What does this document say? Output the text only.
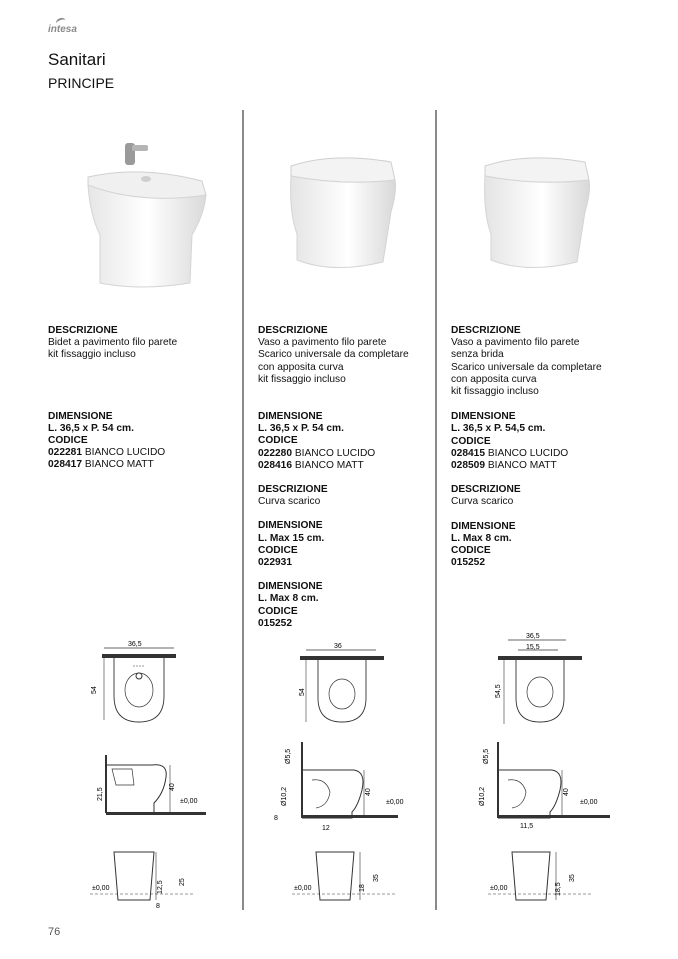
intesa
Sanitari
PRINCIPE
DESCRIZIONE
Bidet a pavimento filo parete
kit fissaggio incluso
DIMENSIONE
L. 36,5 x P. 54 cm.
CODICE
022281 BIANCO LUCIDO
028417 BIANCO MATT
DESCRIZIONE
Vaso a pavimento filo parete
Scarico universale da completare
con apposita curva
kit fissaggio incluso
DIMENSIONE
L. 36,5 x P. 54 cm.
CODICE
022280 BIANCO LUCIDO
028416 BIANCO MATT
DESCRIZIONE
Curva scarico
DIMENSIONE
L. Max 15 cm.
CODICE
022931
DIMENSIONE
L. Max 8 cm.
CODICE
015252
DESCRIZIONE
Vaso a pavimento filo parete
senza brida
Scarico universale da completare
con apposita curva
kit fissaggio incluso
DIMENSIONE
L. 36,5 x P. 54,5 cm.
CODICE
028415 BIANCO LUCIDO
028509 BIANCO MATT
DESCRIZIONE
Curva scarico
DIMENSIONE
L. Max 8 cm.
CODICE
015252
36,5
54
21,5
40
±0,00
25
12,5
±0,00
8
36
54
Ø5,5
Ø10,2	40
±0,00
8
12
35
18
±0,00
36,5
15,5
54,5
Ø5,5
Ø10,2	40
±0,00
11,5
35
18,5
±0,00
76
